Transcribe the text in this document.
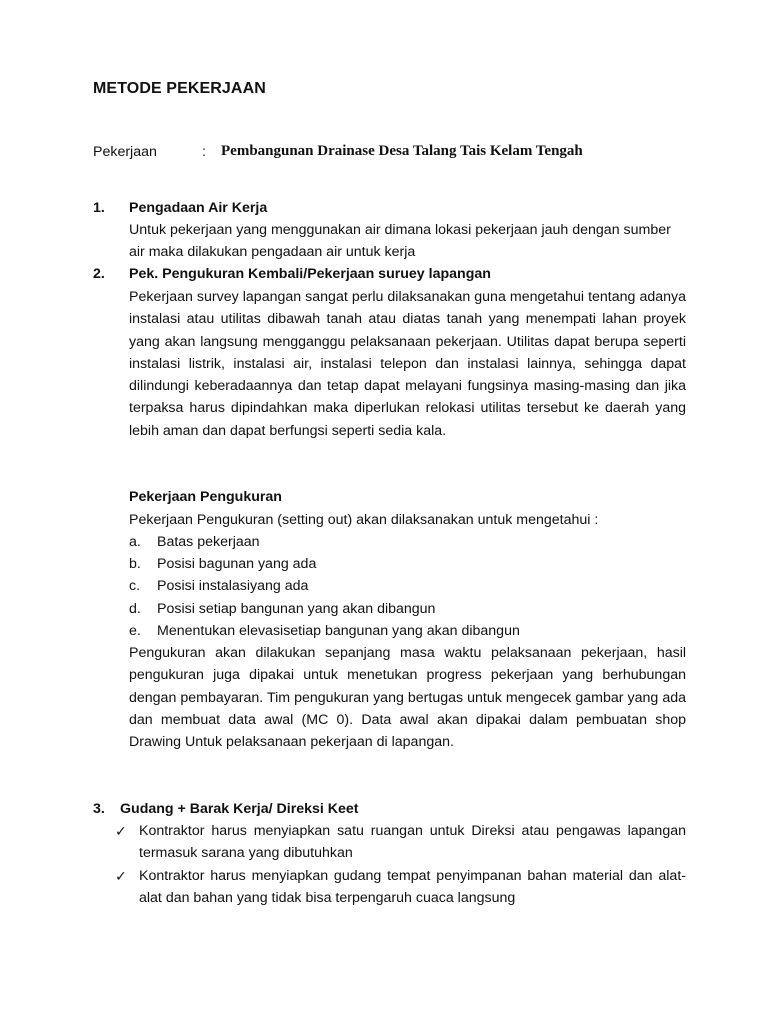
METODE PEKERJAAN
Pekerjaan	: Pembangunan Drainase Desa Talang Tais Kelam Tengah
1. Pengadaan Air Kerja

Untuk pekerjaan yang menggunakan air dimana lokasi pekerjaan jauh dengan sumber air maka dilakukan pengadaan air untuk kerja

2. Pek. Pengukuran Kembali/Pekerjaan suruey lapangan

Pekerjaan survey lapangan sangat perlu dilaksanakan guna mengetahui tentang adanya instalasi atau utilitas dibawah tanah atau diatas tanah yang menempati lahan proyek yang akan langsung mengganggu pelaksanaan pekerjaan. Utilitas dapat berupa seperti instalasi listrik, instalasi air, instalasi telepon dan instalasi lainnya, sehingga dapat dilindungi keberadaannya dan tetap dapat melayani fungsinya masing-masing dan jika terpaksa harus dipindahkan maka diperlukan relokasi utilitas tersebut ke daerah yang lebih aman dan dapat berfungsi seperti sedia kala.

Pekerjaan Pengukuran
Pekerjaan Pengukuran (setting out) akan dilaksanakan untuk mengetahui :
a. Batas pekerjaan
b. Posisi bagunan yang ada
c. Posisi instalasiyang ada
d. Posisi setiap bangunan yang akan dibangun
e. Menentukan elevasisetiap bangunan yang akan dibangun

Pengukuran akan dilakukan sepanjang masa waktu pelaksanaan pekerjaan, hasil pengukuran juga dipakai untuk menetukan progress pekerjaan yang berhubungan dengan pembayaran. Tim pengukuran yang bertugas untuk mengecek gambar yang ada dan membuat data awal (MC 0). Data awal akan dipakai dalam pembuatan shop Drawing Untuk pelaksanaan pekerjaan di lapangan.

3. Gudang + Barak Kerja/ Direksi Keet
✓ Kontraktor harus menyiapkan satu ruangan untuk Direksi atau pengawas lapangan termasuk sarana yang dibutuhkan

✓ Kontraktor harus menyiapkan gudang tempat penyimpanan bahan material dan alat-alat dan bahan yang tidak bisa terpengaruh cuaca langsung
